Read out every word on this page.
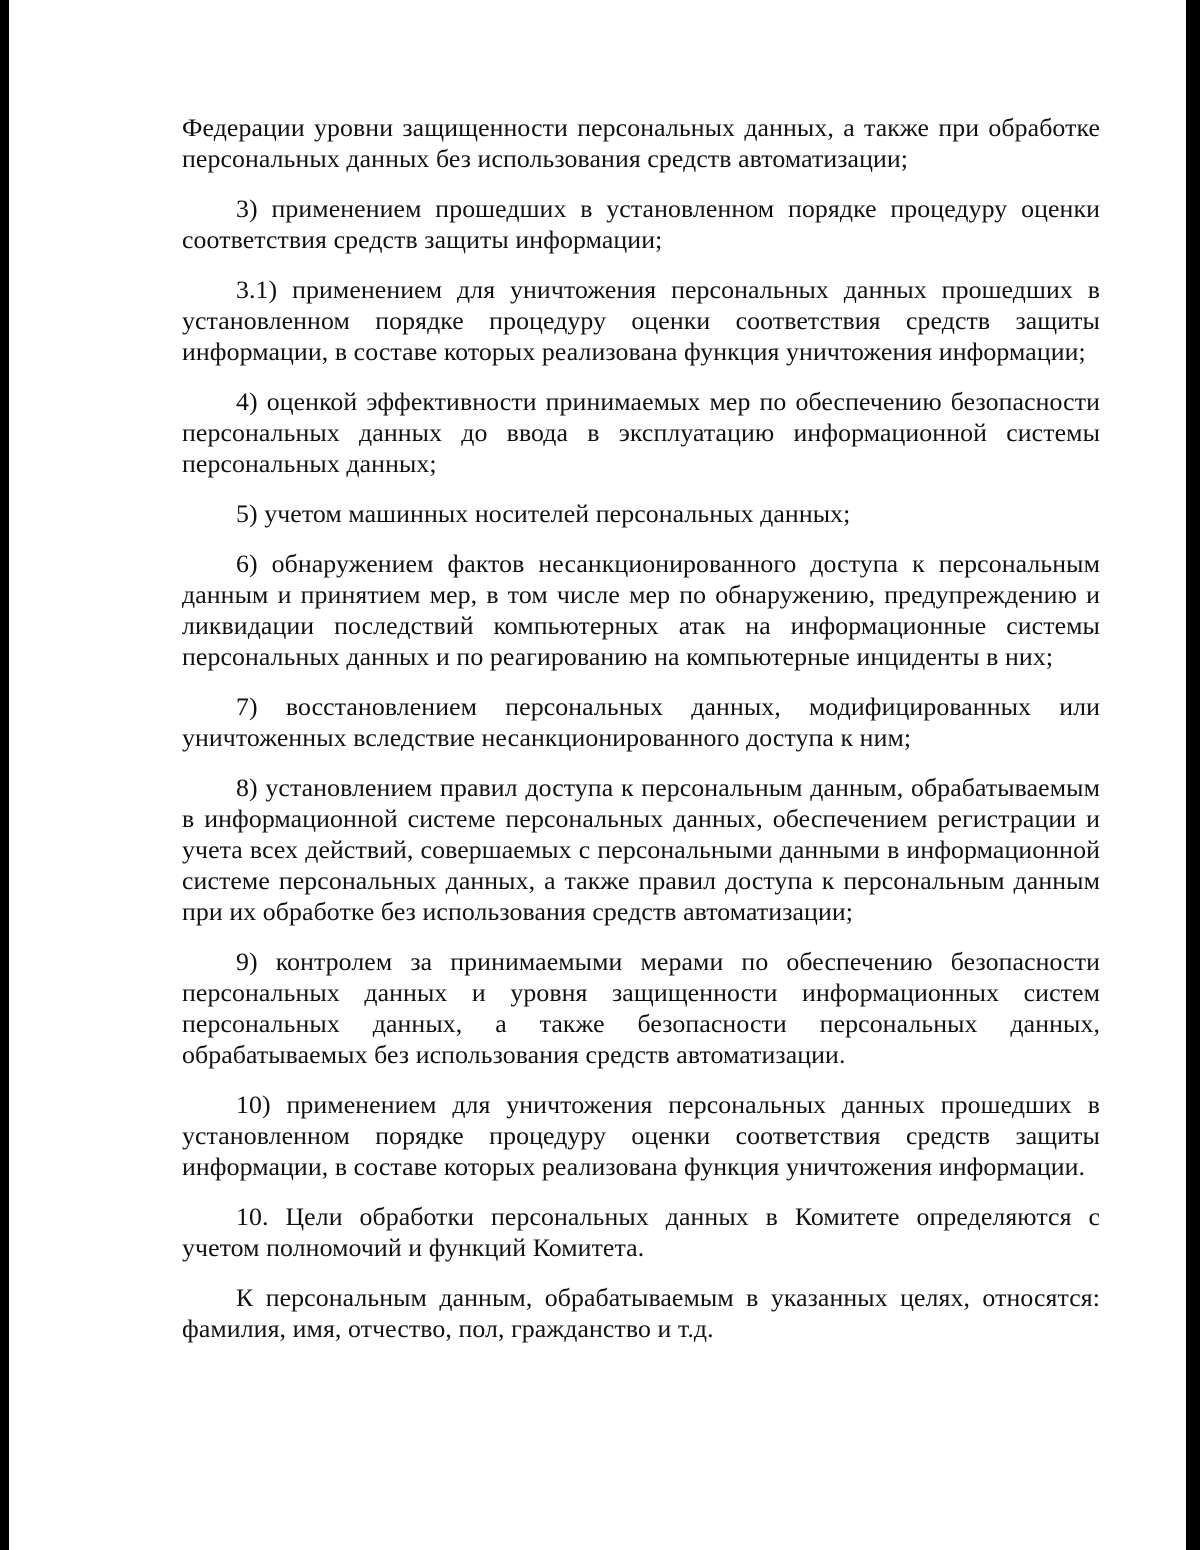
Федерации уровни защищенности персональных данных, а также при обработке персональных данных без использования средств автоматизации;

3) применением прошедших в установленном порядке процедуру оценки соответствия средств защиты информации;

3.1) применением для уничтожения персональных данных прошедших в установленном порядке процедуру оценки соответствия средств защиты информации, в составе которых реализована функция уничтожения информации;

4) оценкой эффективности принимаемых мер по обеспечению безопасности персональных данных до ввода в эксплуатацию информационной системы персональных данных;

5) учетом машинных носителей персональных данных;

6) обнаружением фактов несанкционированного доступа к персональным данным и принятием мер, в том числе мер по обнаружению, предупреждению и ликвидации последствий компьютерных атак на информационные системы персональных данных и по реагированию на компьютерные инциденты в них;

7) восстановлением персональных данных, модифицированных или уничтоженных вследствие несанкционированного доступа к ним;

8) установлением правил доступа к персональным данным, обрабатываемым в информационной системе персональных данных, обеспечением регистрации и учета всех действий, совершаемых с персональными данными в информационной системе персональных данных, а также правил доступа к персональным данным при их обработке без использования средств автоматизации;

9) контролем за принимаемыми мерами по обеспечению безопасности персональных данных и уровня защищенности информационных систем персональных данных, а также безопасности персональных данных, обрабатываемых без использования средств автоматизации.

10) применением для уничтожения персональных данных прошедших в установленном порядке процедуру оценки соответствия средств защиты информации, в составе которых реализована функция уничтожения информации.

10. Цели обработки персональных данных в Комитете определяются с учетом полномочий и функций Комитета.

К персональным данным, обрабатываемым в указанных целях, относятся: фамилия, имя, отчество, пол, гражданство и т.д.
